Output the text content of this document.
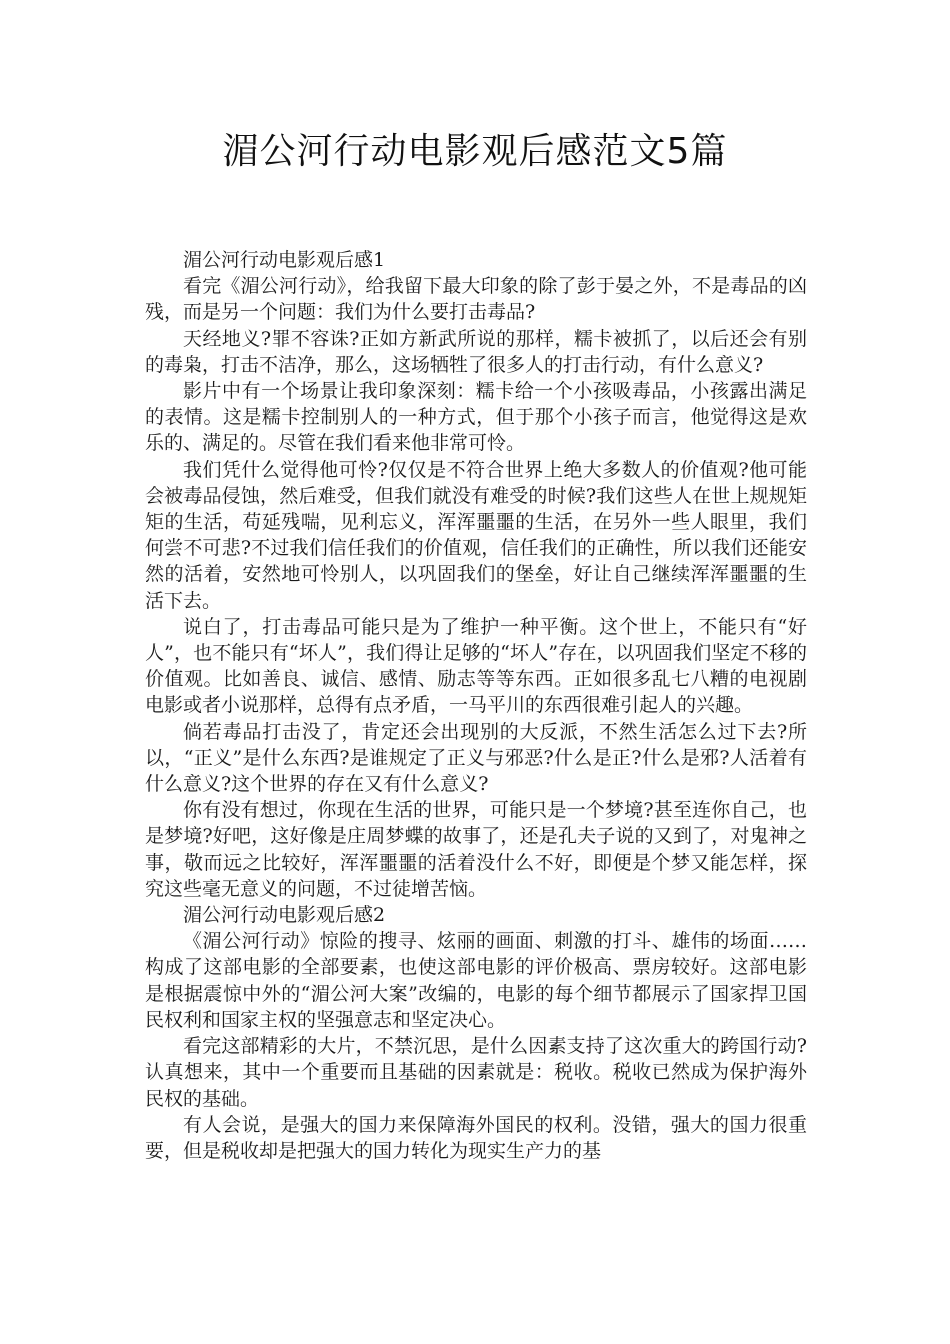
湄公河行动电影观后感范文5篇

湄公河行动电影观后感1

看完《湄公河行动》，给我留下最大印象的除了彭于晏之外，不是毒品的凶残，而是另一个问题：我们为什么要打击毒品?

天经地义?罪不容诛?正如方新武所说的那样，糯卡被抓了，以后还会有别的毒枭，打击不洁净，那么，这场牺牲了很多人的打击行动，有什么意义?

影片中有一个场景让我印象深刻：糯卡给一个小孩吸毒品，小孩露出满足的表情。这是糯卡控制别人的一种方式，但于那个小孩子而言，他觉得这是欢乐的、满足的。尽管在我们看来他非常可怜。

我们凭什么觉得他可怜?仅仅是不符合世界上绝大多数人的价值观?他可能会被毒品侵蚀，然后难受，但我们就没有难受的时候?我们这些人在世上规规矩矩的生活，苟延残喘，见利忘义，浑浑噩噩的生活，在另外一些人眼里，我们何尝不可悲?不过我们信任我们的价值观，信任我们的正确性，所以我们还能安然的活着，安然地可怜别人，以巩固我们的堡垒，好让自己继续浑浑噩噩的生活下去。

说白了，打击毒品可能只是为了维护一种平衡。这个世上，不能只有“好人”，也不能只有“坏人”，我们得让足够的“坏人”存在，以巩固我们坚定不移的价值观。比如善良、诚信、感情、励志等等东西。正如很多乱七八糟的电视剧电影或者小说那样，总得有点矛盾，一马平川的东西很难引起人的兴趣。

倘若毒品打击没了，肯定还会出现别的大反派，不然生活怎么过下去?所以，“正义”是什么东西?是谁规定了正义与邪恶?什么是正?什么是邪?人活着有什么意义?这个世界的存在又有什么意义?

你有没有想过，你现在生活的世界，可能只是一个梦境?甚至连你自己，也是梦境?好吧，这好像是庄周梦蝶的故事了，还是孔夫子说的又到了，对鬼神之事，敬而远之比较好，浑浑噩噩的活着没什么不好，即便是个梦又能怎样，探究这些毫无意义的问题，不过徒增苦恼。

湄公河行动电影观后感2

《湄公河行动》惊险的搜寻、炫丽的画面、刺激的打斗、雄伟的场面……构成了这部电影的全部要素，也使这部电影的评价极高、票房较好。这部电影是根据震惊中外的“湄公河大案”改编的，电影的每个细节都展示了国家捍卫国民权利和国家主权的坚强意志和坚定决心。

看完这部精彩的大片，不禁沉思，是什么因素支持了这次重大的跨国行动?认真想来，其中一个重要而且基础的因素就是：税收。税收已然成为保护海外民权的基础。

有人会说，是强大的国力来保障海外国民的权利。没错，强大的国力很重要，但是税收却是把强大的国力转化为现实生产力的基
